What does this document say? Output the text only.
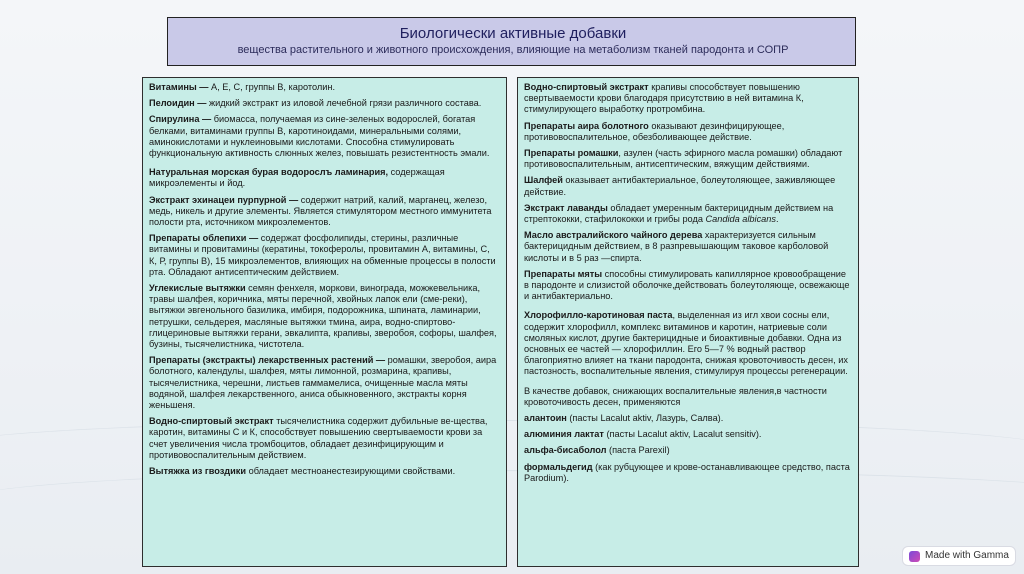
Биологически активные добавки
вещества растительного и животного происхождения, влияющие на метаболизм тканей пародонта и СОПР
Витамины — А, Е, С, группы В, каротолин.
Пелоидин — жидкий экстракт из иловой лечебной грязи различного состава.
Спирулина — биомасса, получаемая из сине-зеленых водорослей, богатая белками, витаминами группы В, каротиноидами, минеральными солями, аминокислотами и нуклеиновыми кислотами. Способна стимулировать функциональную активность слюнных желез, повышать резистентность эмали.
Натуральная морская бурая водорослъ ламинария, содержащая микроэлементы и йод.
Экстракт эхинацеи пурпурной — содержит натрий, калий, марганец, железо, медь, никель и другие элементы. Является стимулятором местного иммунитета полости рта, источником микроэлементов.
Препараты облепихи — содержат фосфолипиды, стерины, различные витамины и провитамины (кератины, токоферолы, провитамин А, витамины, С, К, Р, группы В), 15 микроэлементов, влияющих на обменные процессы в полости рта. Обладают антисептическим действием.
Углекислые вытяжки семян фенхеля, моркови, винограда, можжевельника, травы шалфея, коричника, мяты перечной, хвойных лапок ели (сме-реки), вытяжки эвгенольного базилика, имбиря, подорожника, шпината, ламинарии, петрушки, сельдерея, масляные вытяжки тмина, аира, водно-спиртово-глицериновые вытяжки герани, эвкалипта, крапивы, зверобоя, софоры, шалфея, бузины, тысячелистника, чистотела.
Препараты (экстракты) лекарственных растений — ромашки, зверобоя, аира болотного, календулы, шалфея, мяты лимонной, розмарина, крапивы, тысячелистника, черешни, листьев гаммамелиса, очищенные масла мяты водяной, шалфея лекарственного, аниса обыкновенного, экстракты корня женьшеня.
Водно-спиртовый экстракт тысячелистника содержит дубильные ве-щества, каротин, витамины С и К, способствует повышению свертываемости крови за счет увеличения числа тромбоцитов, обладает дезинфицирующим и противовоспалительным действием.
Вытяжка из гвоздики обладает местноанестезирующими свойствами.
Водно-спиртовый экстракт крапивы способствует повышению свертываемости крови благодаря присутствию в ней витамина К, стимулирующего выработку протромбина.
Препараты аира болотного оказывают дезинфицирующее, противовоспалительное, обезболивающее действие.
Препараты ромашки, азулен (часть эфирного масла ромашки) обладают противовоспалительным, антисептическим, вяжущим действиями.
Шалфей оказывает антибактериальное, болеутоляющее, заживляющее действие.
Экстракт лаванды обладает умеренным бактерицидным действием на стрептококки, стафилококки и грибы рода Candida albicans.
Масло австралийского чайного дерева характеризуется сильным бактерицидным действием, в 8 разпревышающим таковое карболовой кислоты и в 5 раз —спирта.
Препараты мяты способны стимулировать капиллярное кровообращение в пародонте и слизистой оболочке,действовать болеутоляюще, освежающе и антибактериально.
Хлорофилло-каротиновая паста, выделенная из игл хвои сосны ели, содержит хлорофилл, комплекс витаминов и каротин, натриевые соли смоляных кислот, другие бактерицидные и биоактивные добавки. Одна из основных ее частей — хлорофиллин. Его 5—7 % водный раствор благоприятно влияет на ткани пародонта, снижая кровоточивость десен, их пастозность, воспалительные явления, стимулируя процессы регенерации.
В качестве добавок, снижающих воспалительные явления,в частности кровоточивость десен, применяются
алантоин (пасты Lacalut aktiv, Лазурь, Салва).
алюминия лактат (пасты Lacalut aktiv, Lacalut sensitiv).
альфа-бисаболол (паста Parexil)
формальдегид (как рубцующее и крове-останавливающее средство, паста Parodium).
Made with Gamma
